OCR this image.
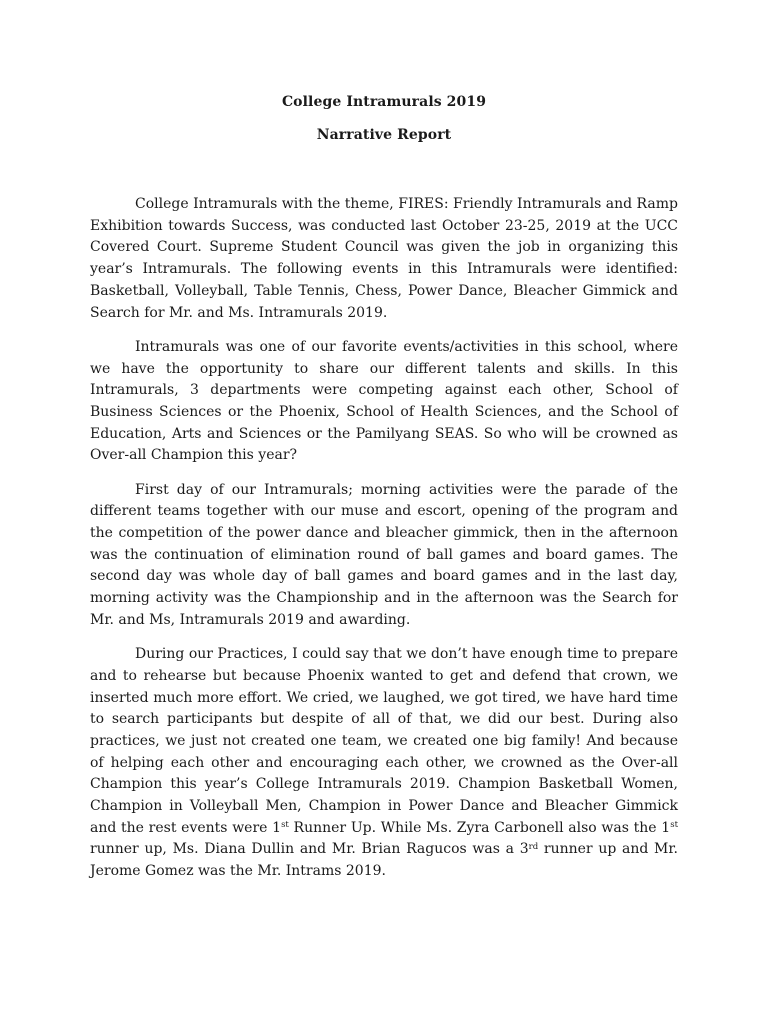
College Intramurals 2019
Narrative Report

College Intramurals with the theme, FIRES: Friendly Intramurals and Ramp Exhibition towards Success, was conducted last October 23-25, 2019 at the UCC Covered Court. Supreme Student Council was given the job in organizing this year’s Intramurals. The following events in this Intramurals were identified: Basketball, Volleyball, Table Tennis, Chess, Power Dance, Bleacher Gimmick and Search for Mr. and Ms. Intramurals 2019.

Intramurals was one of our favorite events/activities in this school, where we have the opportunity to share our different talents and skills. In this Intramurals, 3 departments were competing against each other, School of Business Sciences or the Phoenix, School of Health Sciences, and the School of Education, Arts and Sciences or the Pamilyang SEAS. So who will be crowned as Over-all Champion this year?

First day of our Intramurals; morning activities were the parade of the different teams together with our muse and escort, opening of the program and the competition of the power dance and bleacher gimmick, then in the afternoon was the continuation of elimination round of ball games and board games. The second day was whole day of ball games and board games and in the last day, morning activity was the Championship and in the afternoon was the Search for Mr. and Ms, Intramurals 2019 and awarding.

During our Practices, I could say that we don’t have enough time to prepare and to rehearse but because Phoenix wanted to get and defend that crown, we inserted much more effort. We cried, we laughed, we got tired, we have hard time to search participants but despite of all of that, we did our best. During also practices, we just not created one team, we created one big family! And because of helping each other and encouraging each other, we crowned as the Over-all Champion this year’s College Intramurals 2019. Champion Basketball Women, Champion in Volleyball Men, Champion in Power Dance and Bleacher Gimmick and the rest events were 1st Runner Up. While Ms. Zyra Carbonell also was the 1st runner up, Ms. Diana Dullin and Mr. Brian Ragucos was a 3rd runner up and Mr. Jerome Gomez was the Mr. Intrams 2019.
